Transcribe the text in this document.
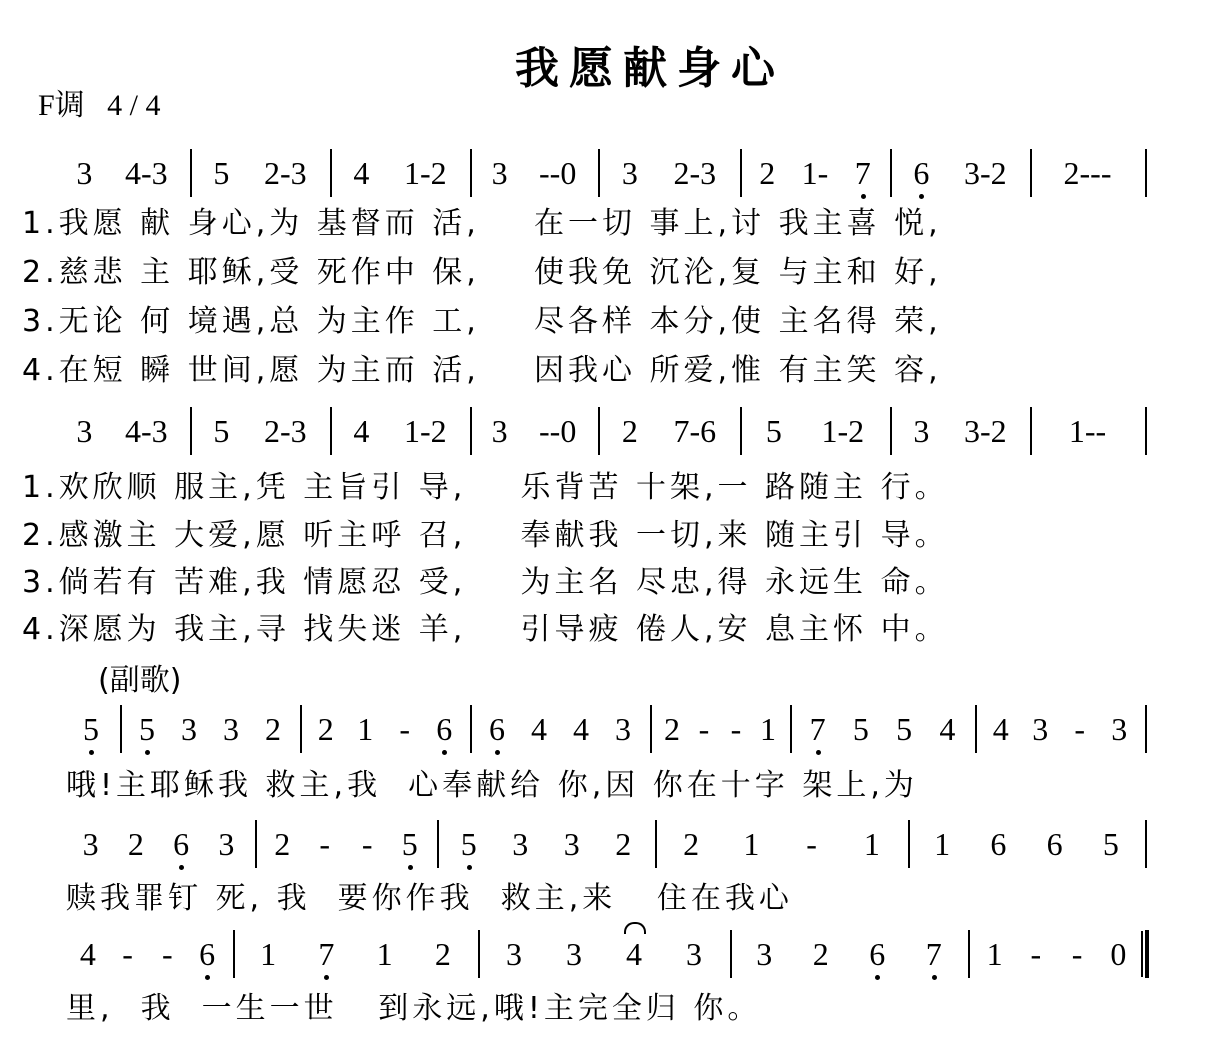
我愿献身心
F调   4 / 4
(副歌)
3 4-3 5 2-3 4 1-2 3 --0 3 2-3 2 1- 7 6 3-2 2---
1.我愿 献 身心,为 基督而 活,    在一切 事上,讨 我主喜 悦,
2.慈悲 主 耶稣,受 死作中 保,    使我免 沉沦,复 与主和 好,
3.无论 何 境遇,总 为主作 工,    尽各样 本分,使 主名得 荣,
4.在短 瞬 世间,愿 为主而 活,    因我心 所爱,惟 有主笑 容,
3 4-3 5 2-3 4 1-2 3 --0 2 7-6 5 1-2 3 3-2 1--
1.欢欣顺 服主,凭 主旨引 导,    乐背苦 十架,一 路随主 行。
2.感激主 大爱,愿 听主呼 召,    奉献我 一切,来 随主引 导。
3.倘若有 苦难,我 情愿忍 受,    为主名 尽忠,得 永远生 命。
4.深愿为 我主,寻 找失迷 羊,    引导疲 倦人,安 息主怀 中。
5 5 3 3 2 2 1 - 6 6 4 4 3 2 - - 1 7 5 5 4 4 3 - 3
哦!主耶稣我 救主,我  心奉献给 你,因 你在十字 架上,为
3 2 6 3 2 - - 5 5 3 3 2 2 1 - 1 1 6 6 5
赎我罪钉 死, 我  要你作我  救主,来   住在我心
4 - - 6 1 7 1 2 3 3 4 3 3 2 6 7 1 - - 0
里,  我  一生一世   到永远,哦!主完全归 你。
